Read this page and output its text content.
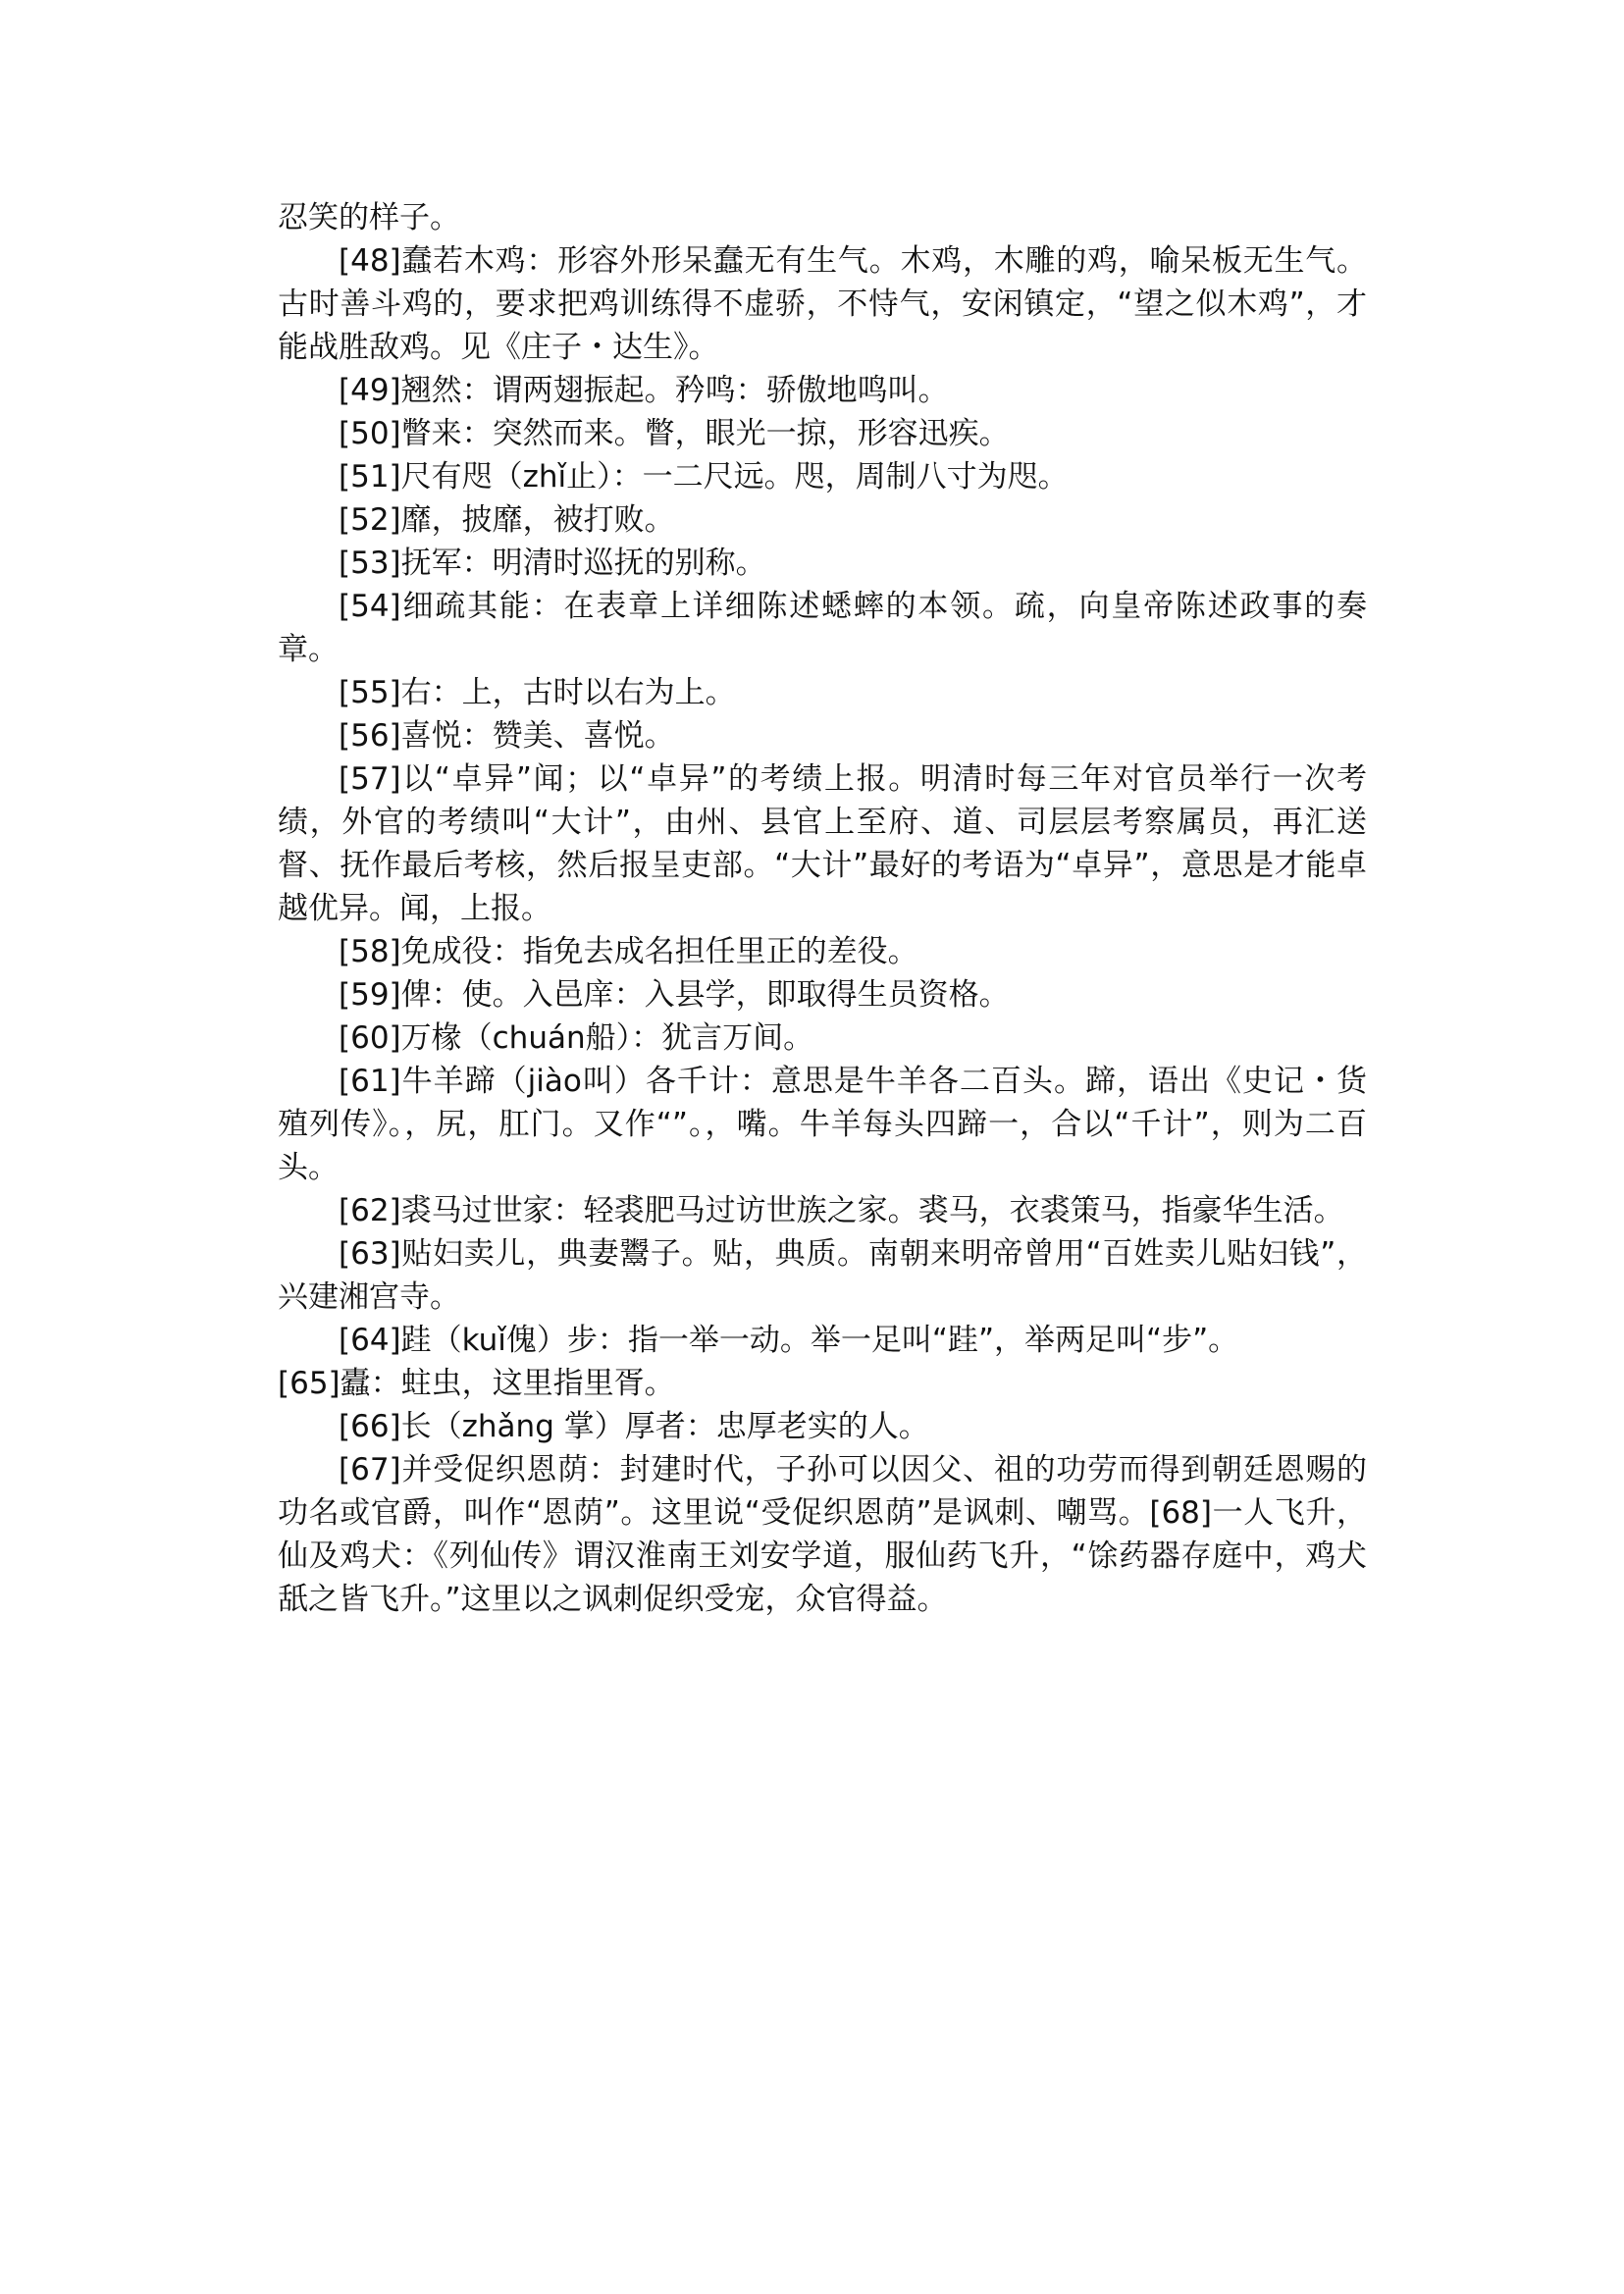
忍笑的样子。

[48]蠢若木鸡：形容外形呆蠢无有生气。木鸡，木雕的鸡，喻呆板无生气。古时善斗鸡的，要求把鸡训练得不虚骄，不恃气，安闲镇定，“望之似木鸡”，才能战胜敌鸡。见《庄子・达生》。

[49]翘然：谓两翅振起。矜鸣：骄傲地鸣叫。

[50]瞥来：突然而来。瞥，眼光一掠，形容迅疾。

[51]尺有咫（zhǐ止）：一二尺远。咫，周制八寸为咫。

[52]靡，披靡，被打败。

[53]抚军：明清时巡抚的别称。

[54]细疏其能：在表章上详细陈述蟋蟀的本领。疏，向皇帝陈述政事的奏章。

[55]右：上，古时以右为上。

[56]喜悦：赞美、喜悦。

[57]以“卓异”闻；以“卓异”的考绩上报。明清时每三年对官员举行一次考绩，外官的考绩叫“大计”，由州、县官上至府、道、司层层考察属员，再汇送督、抚作最后考核，然后报呈吏部。“大计”最好的考语为“卓异”，意思是才能卓越优异。闻，上报。

[58]免成役：指免去成名担任里正的差役。

[59]俾：使。入邑庠：入县学，即取得生员资格。

[60]万椽（chuán船）：犹言万间。

[61]牛羊蹄（jiào叫）各千计：意思是牛羊各二百头。蹄，语出《史记・货殖列传》。，尻，肛门。又作“”。，嘴。牛羊每头四蹄一，合以“千计”，则为二百头。

[62]裘马过世家：轻裘肥马过访世族之家。裘马，衣裘策马，指豪华生活。

[63]贴妇卖儿，典妻鬻子。贴，典质。南朝来明帝曾用“百姓卖儿贴妇钱”，兴建湘宫寺。

[64]跬（kuǐ傀）步：指一举一动。举一足叫“跬”，举两足叫“步”。

[65]蠹：蛀虫，这里指里胥。

[66]长（zhǎng 掌）厚者：忠厚老实的人。

[67]并受促织恩荫：封建时代，子孙可以因父、祖的功劳而得到朝廷恩赐的功名或官爵，叫作“恩荫”。这里说“受促织恩荫”是讽刺、嘲骂。[68]一人飞升，仙及鸡犬：《列仙传》谓汉淮南王刘安学道，服仙药飞升，“馀药器存庭中，鸡犬舐之皆飞升。”这里以之讽刺促织受宠，众官得益。
